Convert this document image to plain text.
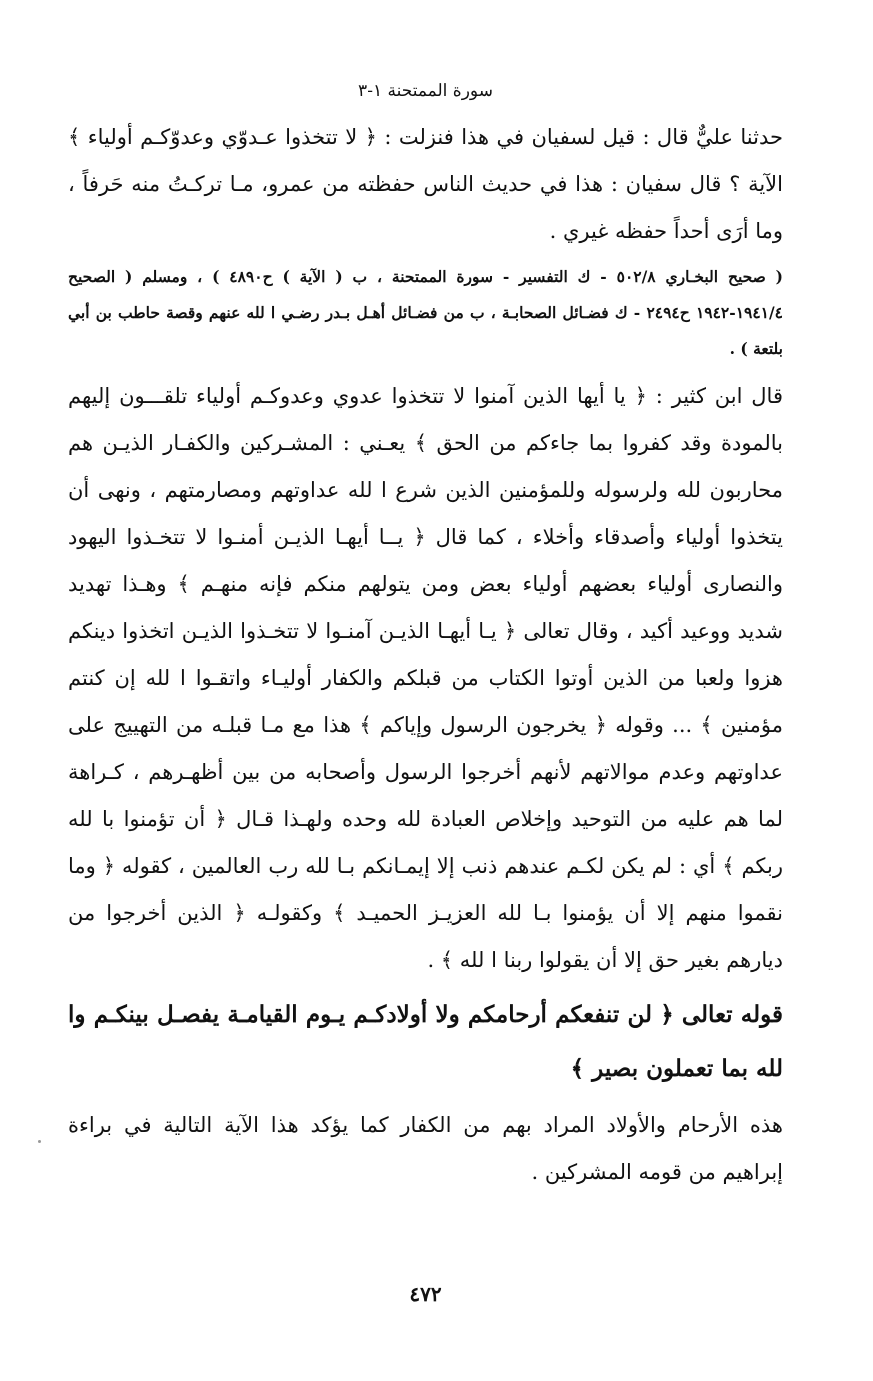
سورة الممتحنة ١-٣

حدثنا عليٌّ قال : قيل لسفيان في هذا فنزلت : ﴿ لا تتخذوا عـدوّي وعدوّكـم أولياء ﴾ الآية ؟ قال سفيان : هذا في حديث الناس حفظته من عمرو، مـا تركـتُ منه حَرفاً ، وما أرَى أحداً حفظه غيري .

( صحيح البخـاري ٥٠٢/٨ - ك التفسير - سورة الممتحنة ، ب ( الآية ) ح٤٨٩٠ ) ، ومسلم ( الصحيح ١٩٤١/٤-١٩٤٢ ح٢٤٩٤ - ك فضـائل الصحابـة ، ب من فضـائل أهـل بـدر رضـي ا لله عنهم وقصة حاطب بن أبي بلتعة ) .

قال ابن كثير : ﴿ يا أيها الذين آمنوا لا تتخذوا عدوي وعدوكـم أولياء تلقـــون إليهم بالمودة وقد كفروا بما جاءكم من الحق ﴾ يعـني : المشـركين والكفـار الذيـن هم محاربون لله ولرسوله وللمؤمنين الذين شرع ا لله عداوتهم ومصارمتهم ، ونهى أن يتخذوا أولياء وأصدقاء وأخلاء ، كما قال ﴿ يــا أيهـا الذيـن أمنـوا لا تتخـذوا اليهود والنصارى أولياء بعضهم أولياء بعض ومن يتولهم منكم فإنه منهـم ﴾ وهـذا تهديد شديد ووعيد أكيد ، وقال تعالى ﴿ يـا أيهـا الذيـن آمنـوا لا تتخـذوا الذيـن اتخذوا دينكم هزوا ولعبا من الذين أوتوا الكتاب من قبلكم والكفار أوليـاء واتقـوا ا لله إن كنتم مؤمنين ﴾ ... وقوله ﴿ يخرجون الرسول وإياكم ﴾ هذا مع مـا قبلـه من التهييج على عداوتهم وعدم موالاتهم لأنهم أخرجوا الرسول وأصحابه من بين أظهـرهم ، كـراهة لما هم عليه من التوحيد وإخلاص العبادة لله وحده ولهـذا قـال ﴿ أن تؤمنوا با لله ربكم ﴾ أي : لم يكن لكـم عندهم ذنب إلا إيمـانكم بـا لله رب العالمين ، كقوله ﴿ وما نقموا منهم إلا أن يؤمنوا بـا لله العزيـز الحميـد ﴾ وكقولـه ﴿ الذين أخرجوا من ديارهم بغير حق إلا أن يقولوا ربنا ا لله ﴾ .

قوله تعالى ﴿ لن تنفعكم أرحامكم ولا أولادكـم يـوم القيامـة يفصـل بينكـم وا لله بما تعملون بصير ﴾

هذه الأرحام والأولاد المراد بهم من الكفار كما يؤكد هذا الآية التالية في براءة إبراهيم من قومه المشركين .

٤٧٢
